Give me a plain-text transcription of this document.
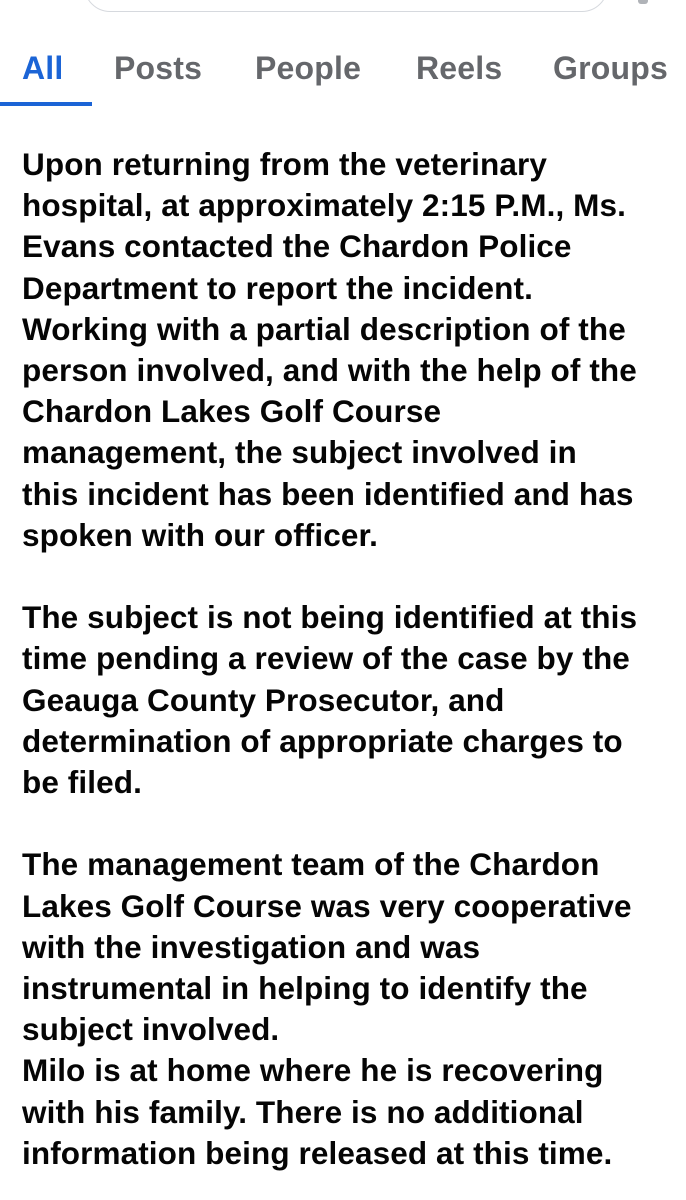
All Posts People Reels Groups

Upon returning from the veterinary
hospital, at approximately 2:15 P.M., Ms.
Evans contacted the Chardon Police
Department to report the incident.
Working with a partial description of the
person involved, and with the help of the
Chardon Lakes Golf Course
management, the subject involved in
this incident has been identified and has
spoken with our officer.

The subject is not being identified at this
time pending a review of the case by the
Geauga County Prosecutor, and
determination of appropriate charges to
be filed.

The management team of the Chardon
Lakes Golf Course was very cooperative
with the investigation and was
instrumental in helping to identify the
subject involved.
Milo is at home where he is recovering
with his family. There is no additional
information being released at this time.
